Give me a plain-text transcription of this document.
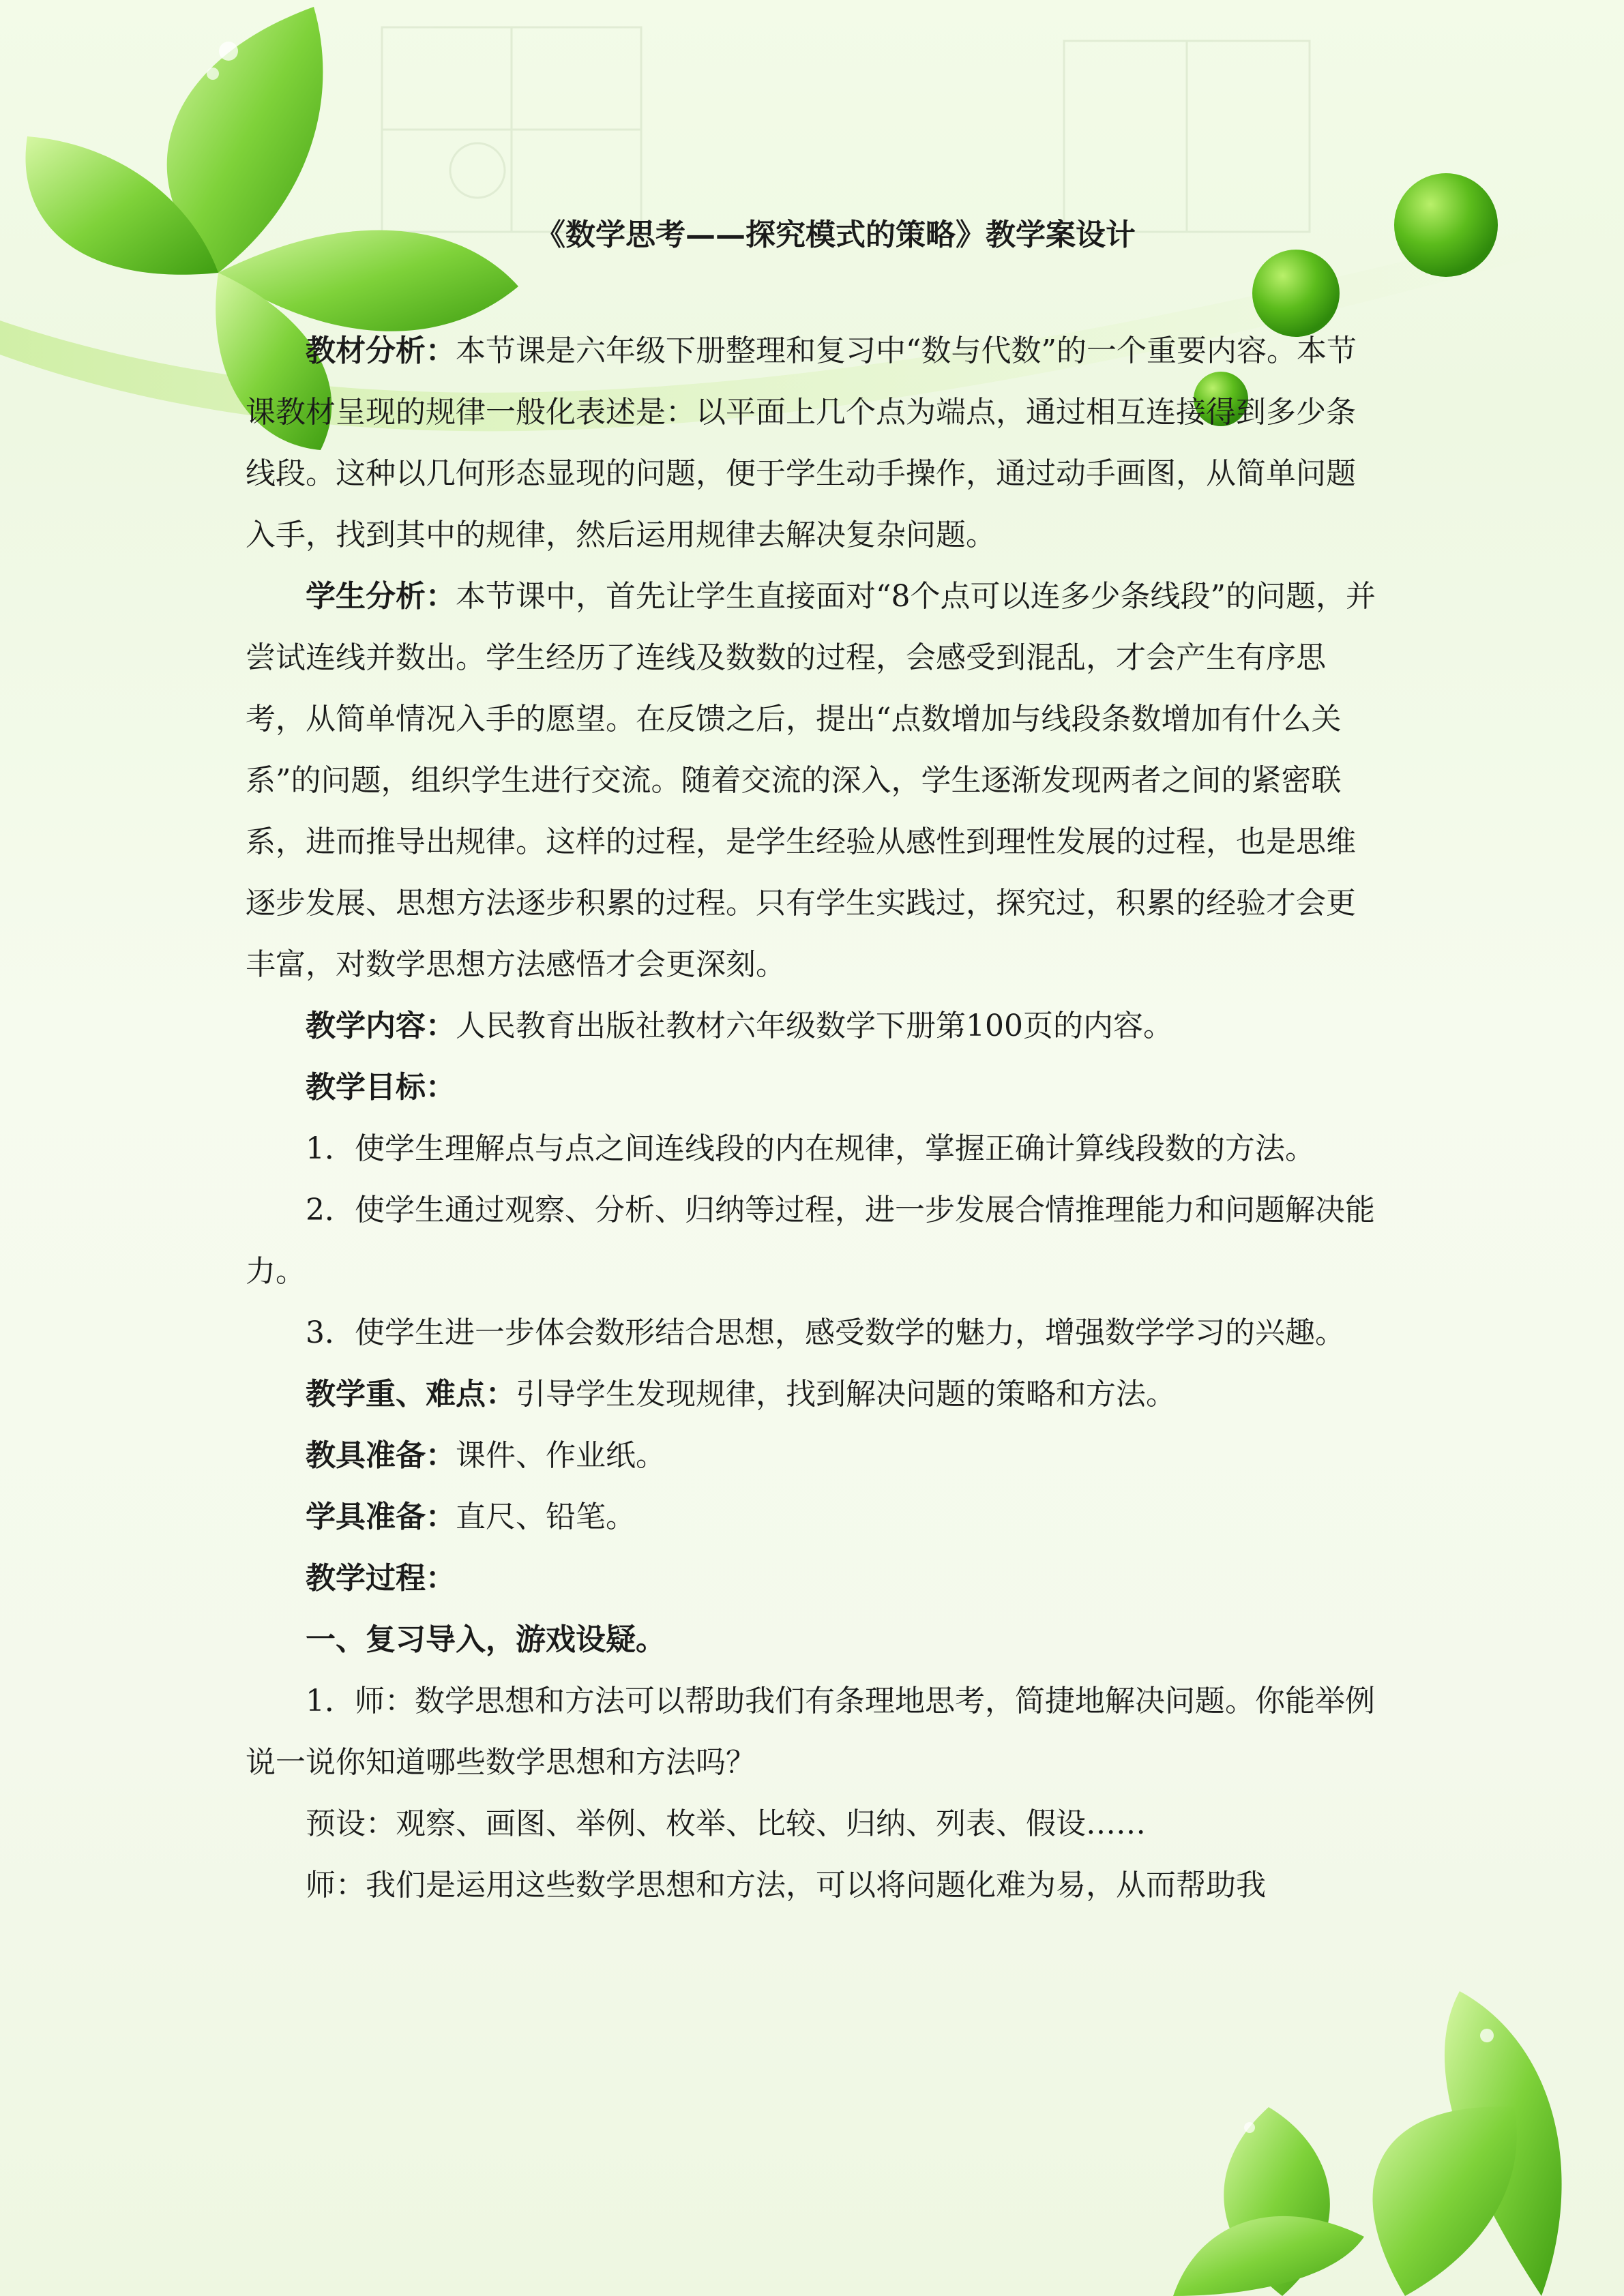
《数学思考——探究模式的策略》教学案设计

教材分析：本节课是六年级下册整理和复习中“数与代数”的一个重要内容。本节课教材呈现的规律一般化表述是：以平面上几个点为端点，通过相互连接得到多少条线段。这种以几何形态显现的问题，便于学生动手操作，通过动手画图，从简单问题入手，找到其中的规律，然后运用规律去解决复杂问题。

学生分析：本节课中，首先让学生直接面对“8个点可以连多少条线段”的问题，并尝试连线并数出。学生经历了连线及数数的过程，会感受到混乱，才会产生有序思考，从简单情况入手的愿望。在反馈之后，提出“点数增加与线段条数增加有什么关系”的问题，组织学生进行交流。随着交流的深入，学生逐渐发现两者之间的紧密联系，进而推导出规律。这样的过程，是学生经验从感性到理性发展的过程，也是思维逐步发展、思想方法逐步积累的过程。只有学生实践过，探究过，积累的经验才会更丰富，对数学思想方法感悟才会更深刻。

教学内容：人民教育出版社教材六年级数学下册第100页的内容。

教学目标：

1．使学生理解点与点之间连线段的内在规律，掌握正确计算线段数的方法。

2．使学生通过观察、分析、归纳等过程，进一步发展合情推理能力和问题解决能力。

3．使学生进一步体会数形结合思想，感受数学的魅力，增强数学学习的兴趣。

教学重、难点：引导学生发现规律，找到解决问题的策略和方法。

教具准备：课件、作业纸。

学具准备：直尺、铅笔。

教学过程：

一、复习导入，游戏设疑。

1．师：数学思想和方法可以帮助我们有条理地思考，简捷地解决问题。你能举例说一说你知道哪些数学思想和方法吗？

预设：观察、画图、举例、枚举、比较、归纳、列表、假设……

师：我们是运用这些数学思想和方法，可以将问题化难为易，从而帮助我
